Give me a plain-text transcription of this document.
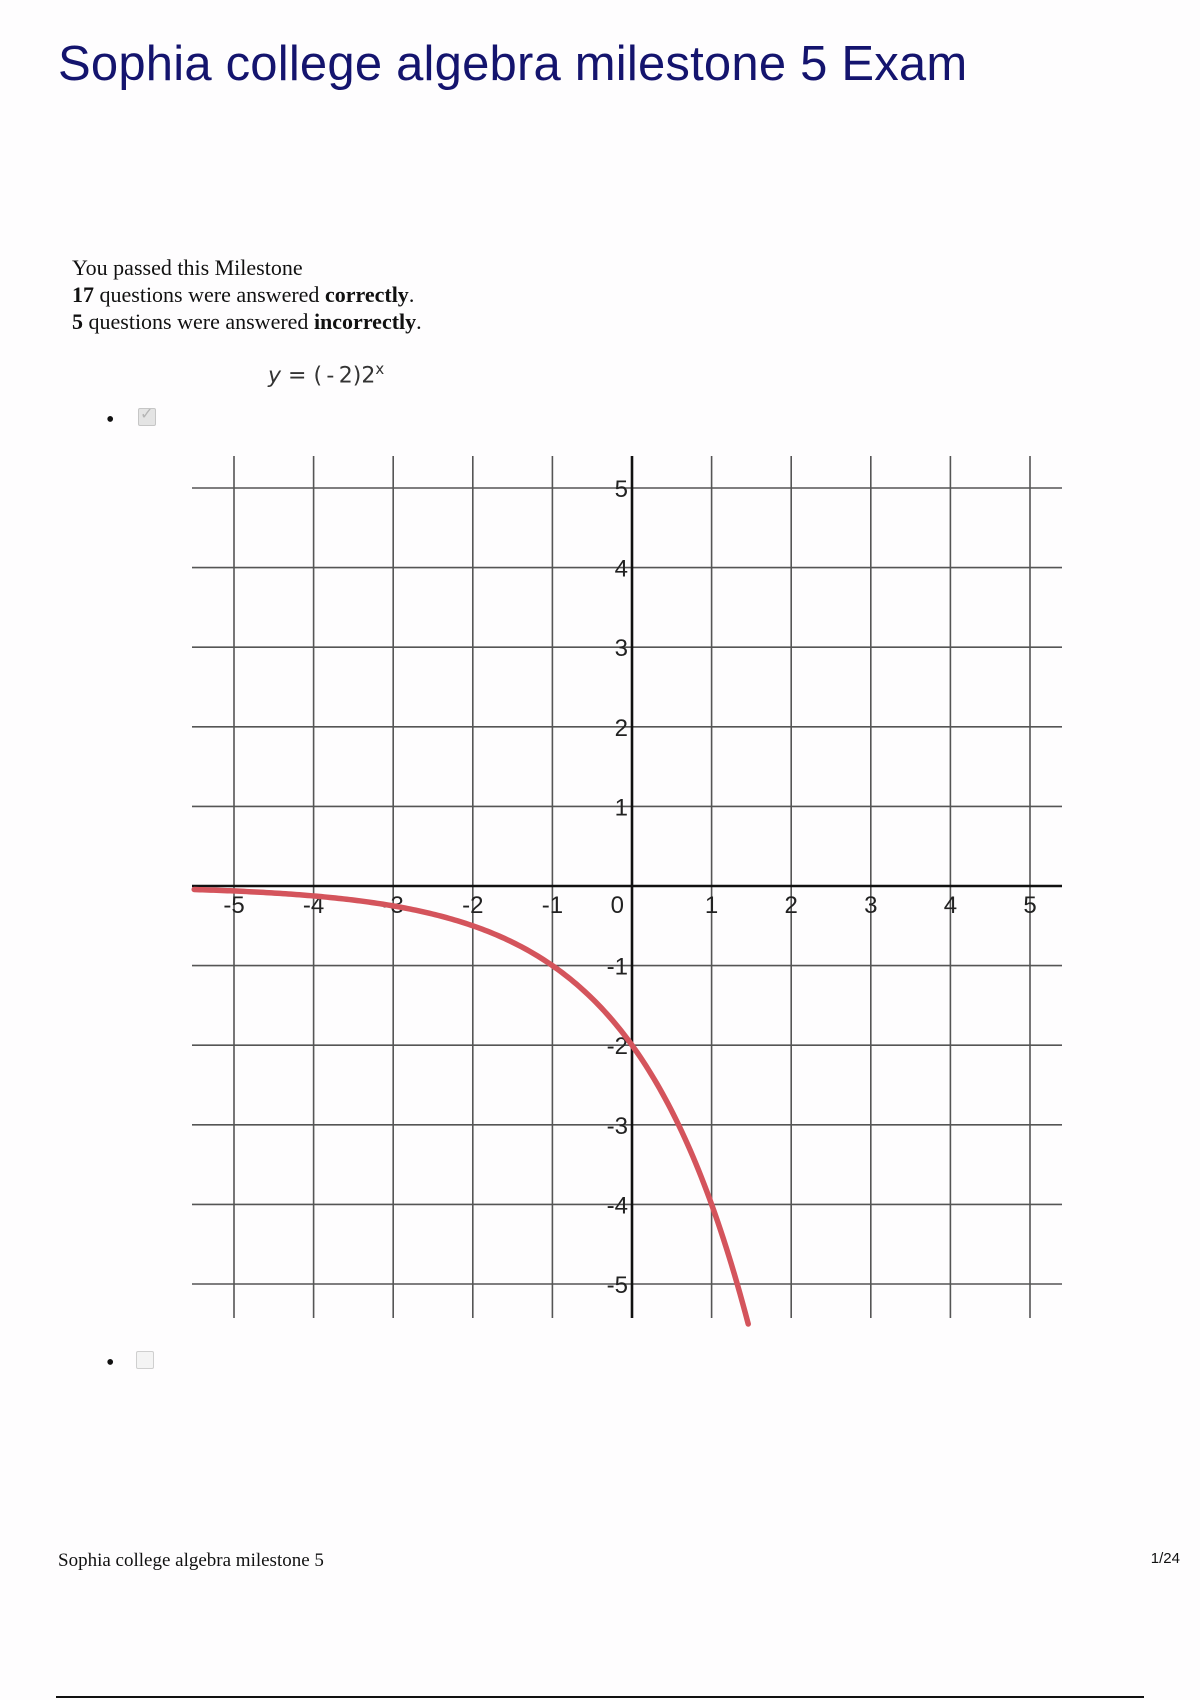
Sophia college algebra milestone 5 Exam
You passed this Milestone
17 questions were answered correctly.
5 questions were answered incorrectly.
y = ( - 2)2$^x$
• ✓
-5 -4 -3 -2 -1	1	2	3	4	5
5
4
3
2
1
-1
-2
-3
-4
-5
0
•
Sophia college algebra milestone 5	1/24
